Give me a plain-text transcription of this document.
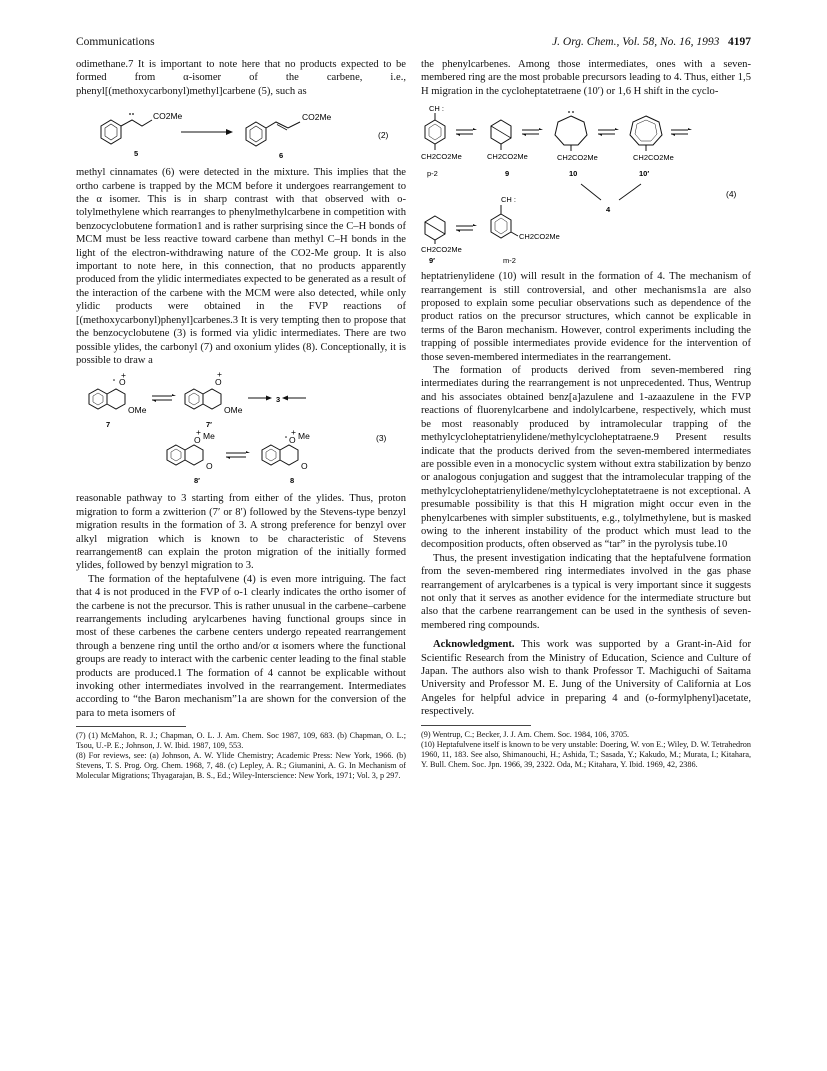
Communications	J. Org. Chem., Vol. 58, No. 16, 1993 4197

odimethane.7 It is important to note here that no products expected to be formed from α-isomer of the carbene, i.e., phenyl[(methoxycarbonyl)methyl]carbene (5), such as

CO2Me
5
CO2Me
6
(2)

methyl cinnamates (6) were detected in the mixture. This implies that the ortho carbene is trapped by the MCM before it undergoes rearrangement to the α isomer. This is in sharp contrast with that observed with o-tolylmethylene which rearranges to phenylmethylcarbene in competition with benzocyclobutene formation1 and is rather surprising since the C–H bonds of MCM must be less reactive toward carbene than methyl C–H bonds in the light of the electron-withdrawing nature of the CO2-Me group. It is also important to note here, in this connection, that no products apparently produced from the ylidic intermediates expected to be generated as a result of the interaction of the carbene with the MCM were also detected, while only ylidic products were obtained in the FVP reactions of [(methoxycarbonyl)phenyl]carbenes.3 It is very tempting then to propose that the benzocyclobutene (3) is formed via ylidic intermediates. There are two possible ylides, the carbonyl (7) and oxonium ylides (8). Conceptionally, it is possible to draw a

O
+
OMe
7
O
+
OMe
7′
3
(3)
O
+ Me
O
8′
O
+ Me
O
8

reasonable pathway to 3 starting from either of the ylides. Thus, proton migration to form a zwitterion (7′ or 8′) followed by the Stevens-type benzyl migration results in the formation of 3. A strong preference for benzyl over alkyl migration which is known to be characteristic of Stevens rearrangement8 can explain the proton migration of the initially formed ylides, followed by benzyl migration to 3.

The formation of the heptafulvene (4) is even more intriguing. The fact that 4 is not produced in the FVP of o-1 clearly indicates the ortho isomer of the carbene is not the precursor. This is rather unusual in the carbene–carbene rearrangements including arylcarbenes having functional groups since in most of these carbenes the carbene centers undergo repeated rearrangement through a benzene ring until the ortho and/or α isomers where the functional groups are ready to interact with the carbenic center leading to the final stable products are produced.1 The formation of 4 cannot be explicable without invoking other intermediates involved in the rearrangement. Intermediates according to “the Baron mechanism”1a are shown for the conversion of the para to meta isomers of

(7) (1) McMahon, R. J.; Chapman, O. L. J. Am. Chem. Soc 1987, 109, 683. (b) Chapman, O. L.; Tsou, U.-P. E.; Johnson, J. W. Ibid. 1987, 109, 553.

(8) For reviews, see: (a) Johnson, A. W. Ylide Chemistry; Academic Press: New York, 1966. (b) Stevens, T. S. Prog. Org. Chem. 1968, 7, 48. (c) Lepley, A. R.; Giumanini, A. G. In Mechanism of Molecular Migrations; Thyagarajan, B. S., Ed.; Wiley-Interscience: New York, 1971; Vol. 3, p 297.

the phenylcarbenes. Among those intermediates, ones with a seven-membered ring are the most probable precursors leading to 4. Thus, either 1,5 H migration in the cycloheptatetraene (10′) or 1,6 H shift in the cyclo-

CH :
CH2CO2Me
p-2
CH2CO2Me
9
CH2CO2Me
10
CH2CO2Me
10′
(4)
4
CH2CO2Me
9′
CH :
CH2CO2Me
m-2

heptatrienylidene (10) will result in the formation of 4. The mechanism of rearrangement is still controversial, and other mechanisms1a are also proposed to explain some peculiar observations such as dependence of the product ratios on the precursor structures, which cannot be explicable in terms of the Baron mechanism. However, control experiments including the trapping of possible intermediates provide evidence for the intervention of those seven-membered intermediates in the rearrangement.

The formation of products derived from seven-membered ring intermediates during the rearrangement is not unprecedented. Thus, Wentrup and his associates obtained benz[a]azulene and 1-azaazulene in the FVP reactions of fluorenylcarbene and indolylcarbene, respectively, which must be most reasonably produced by intramolecular trapping of the methylcycloheptatrienylidene/methylcycloheptatraene.9 Present results indicate that the products derived from the seven-membered intermediates are possible even in a monocyclic system without extra stabilization by benzo or analogous conjugation and suggest that the intramolecular trapping of the methylcycloheptatrienylidene/methylcycloheptatetraene is not exceptional. A presumable possibility is that this H migration might occur even in the phenylcarbenes with simpler substituents, e.g., tolylmethylene, but is masked owing to the inherent instability of the product which must lead to the decomposition products, often observed as “tar” in the pyrolysis tube.10

Thus, the present investigation indicating that the heptafulvene formation from the seven-membered ring intermediates involved in the gas phase rearrangement of arylcarbenes is a typical is very important since it suggests not only that it serves as another evidence for the intermediate structure but also that the carbene rearrangement can be used in the synthesis of seven-membered ring compounds.

Acknowledgment. This work was supported by a Grant-in-Aid for Scientific Research from the Ministry of Education, Science and Culture of Japan. The authors also wish to thank Professor T. Machiguchi of Saitama University and Professor M. E. Jung of the University of California at Los Angeles for helpful advice in preparing 4 and (o-formylphenyl)acetate, respectively.

(9) Wentrup, C.; Becker, J. J. Am. Chem. Soc. 1984, 106, 3705.

(10) Heptafulvene itself is known to be very unstable: Doering, W. von E.; Wiley, D. W. Tetrahedron 1960, 11, 183. See also, Shimanouchi, H.; Ashida, T.; Sasada, Y.; Kakudo, M.; Murata, I.; Kitahara, Y. Bull. Chem. Soc. Jpn. 1966, 39, 2322. Oda, M.; Kitahara, Y. Ibid. 1969, 42, 2386.
